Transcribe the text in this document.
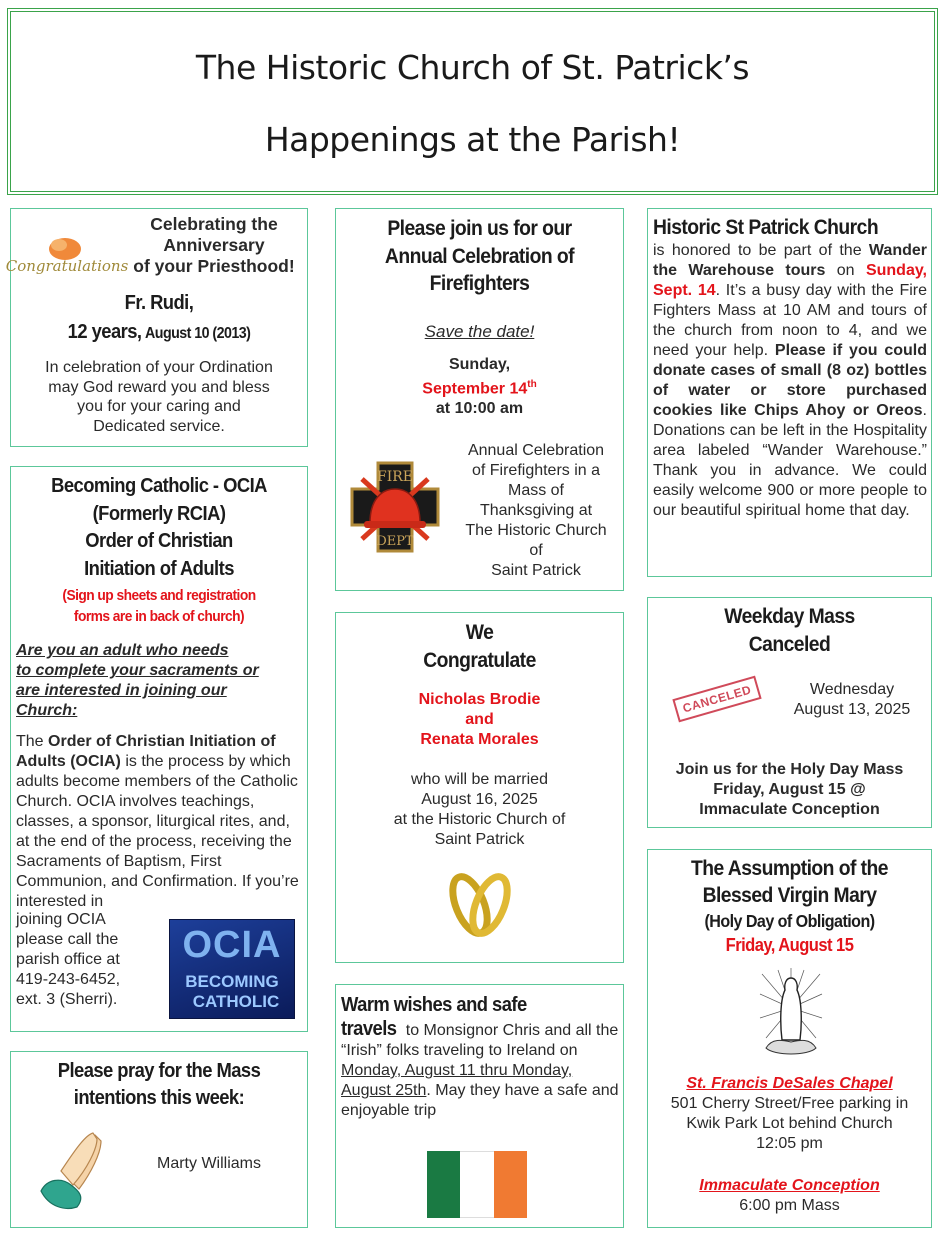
The Historic Church of St. Patrick’s
Happenings at the Parish!
Congratulations
Celebrating the
Anniversary
of your Priesthood!
Fr. Rudi,
12 years, August 10 (2013)
In celebration of your Ordination
may God reward you and bless
you for your caring and
Dedicated service.
Becoming Catholic - OCIA
(Formerly RCIA)
Order of Christian
Initiation of Adults
(Sign up sheets and registration
forms are in back of church)
Are you an adult who needs
to complete your sacraments or
are interested in joining our
Church:
The Order of Christian Initiation of Adults (OCIA) is the process by which adults become members of the Catholic Church. OCIA involves teachings, classes, a sponsor, liturgical rites, and, at the end of the process, receiving the Sacraments of Baptism, First Communion, and Confirmation. If you’re interested in
joining OCIA
please call the
parish office at
419-243-6452,
ext. 3 (Sherri).
OCIA
BECOMING
CATHOLIC
Please pray for the Mass
intentions this week:
Marty Williams
Please join us for our
Annual Celebration of
Firefighters
Save the date!
Sunday,
September 14th
at 10:00 am
FIRE
DEPT
Annual Celebration
of Firefighters in a
Mass of
Thanksgiving at
The Historic Church
of
Saint Patrick
We
Congratulate
Nicholas Brodie
and
Renata Morales
who will be married
August 16, 2025
at the Historic Church of
Saint Patrick
Warm wishes and safe
travels to Monsignor Chris and all the “Irish” folks traveling to Ireland on Monday, August 11 thru Monday, August 25th. May they have a safe and enjoyable trip
Historic St Patrick Church
is honored to be part of the Wander the Warehouse tours on Sunday, Sept. 14. It’s a busy day with the Fire Fighters Mass at 10 AM and tours of the church from noon to 4, and we need your help. Please if you could donate cases of small (8 oz) bottles of water or store purchased cookies like Chips Ahoy or Oreos. Donations can be left in the Hospitality area labeled “Wander Warehouse.” Thank you in advance. We could easily welcome 900 or more people to our beautiful spiritual home that day.
Weekday Mass
Canceled
CANCELED	Wednesday
August 13, 2025
Join us for the Holy Day Mass
Friday, August 15 @
Immaculate Conception
The Assumption of the
Blessed Virgin Mary
(Holy Day of Obligation)
Friday, August 15
St. Francis DeSales Chapel
501 Cherry Street/Free parking in
Kwik Park Lot behind Church
12:05 pm
Immaculate Conception
6:00 pm Mass
